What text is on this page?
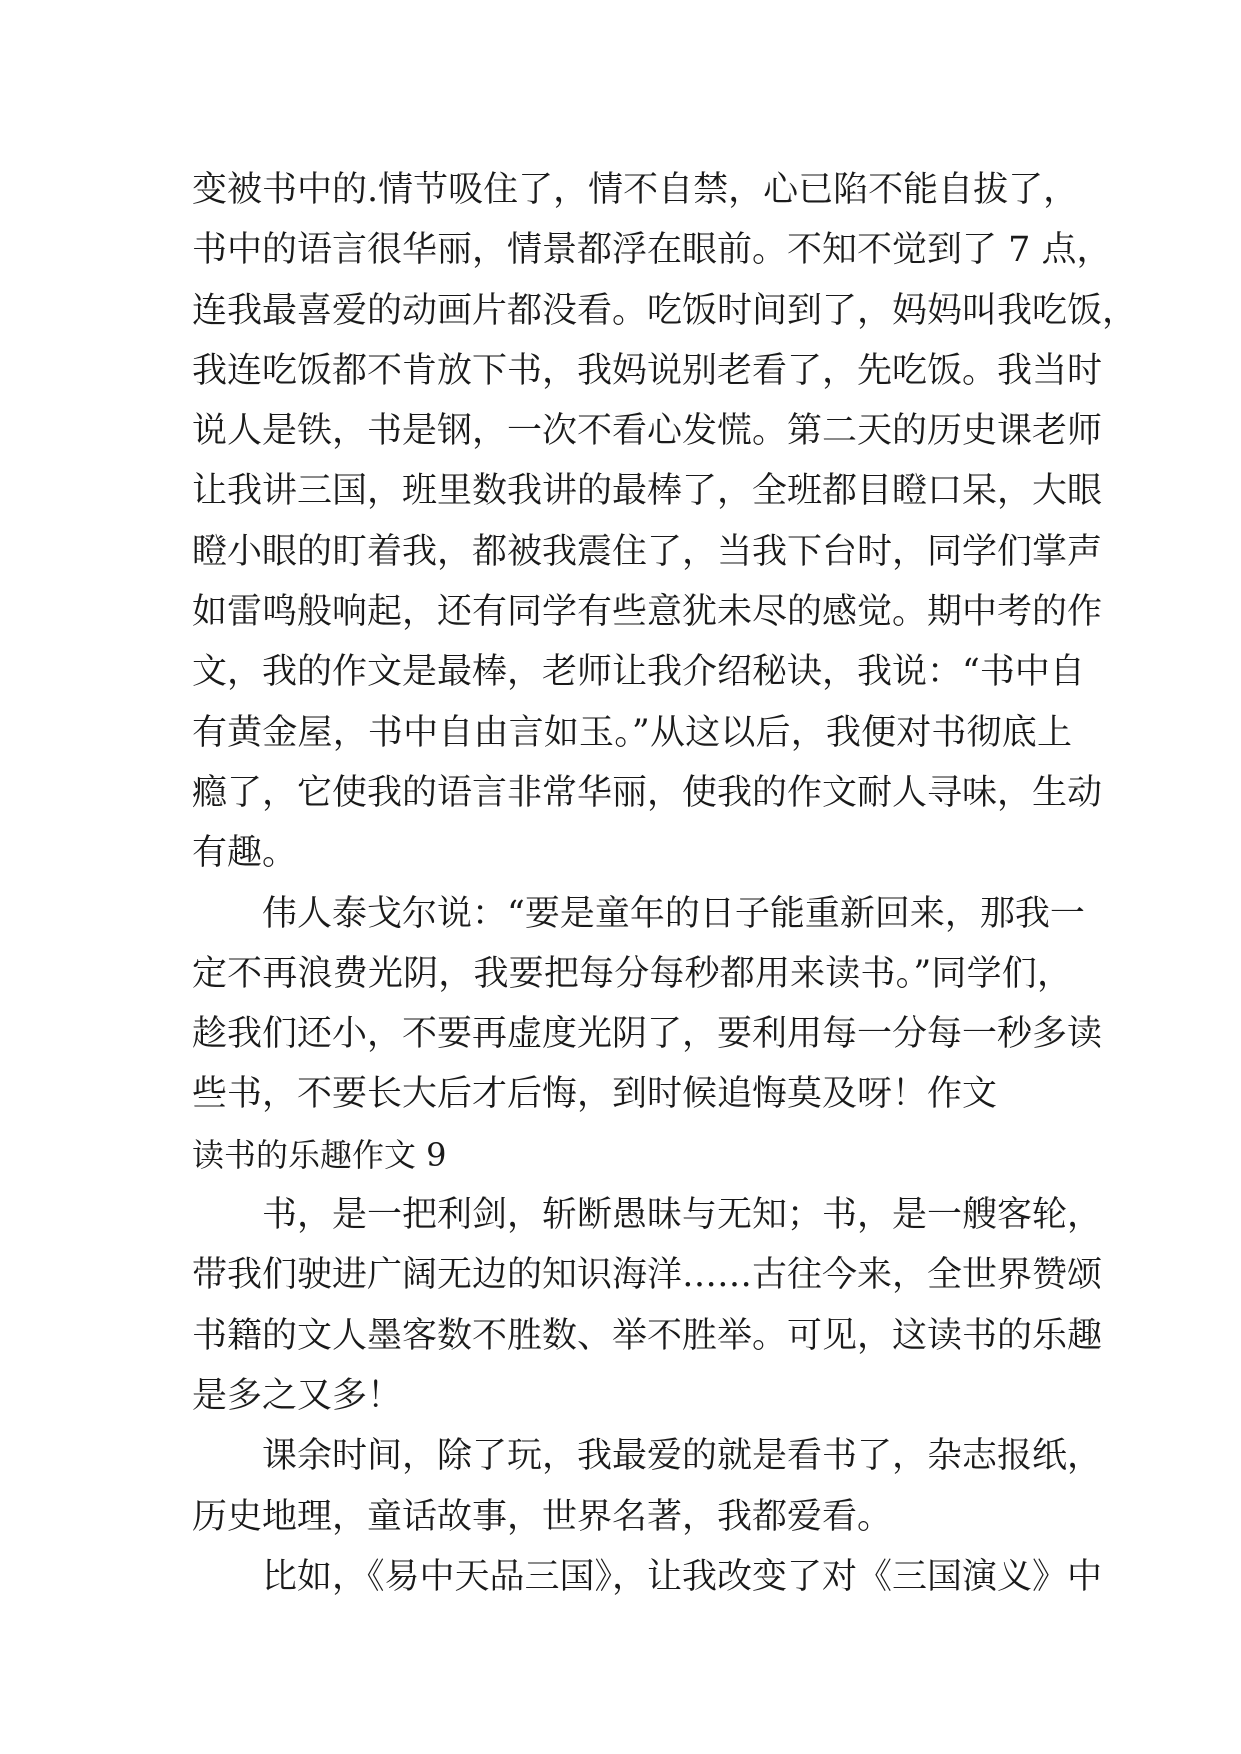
变被书中的.情节吸住了，情不自禁，心已陷不能自拔了，
书中的语言很华丽，情景都浮在眼前。不知不觉到了 7 点，
连我最喜爱的动画片都没看。吃饭时间到了，妈妈叫我吃饭，
我连吃饭都不肯放下书，我妈说别老看了，先吃饭。我当时
说人是铁，书是钢，一次不看心发慌。第二天的历史课老师
让我讲三国，班里数我讲的最棒了，全班都目瞪口呆，大眼
瞪小眼的盯着我，都被我震住了，当我下台时，同学们掌声
如雷鸣般响起，还有同学有些意犹未尽的感觉。期中考的作
文，我的作文是最棒，老师让我介绍秘诀，我说：“书中自
有黄金屋，书中自由言如玉。”从这以后，我便对书彻底上
瘾了，它使我的语言非常华丽，使我的作文耐人寻味，生动
有趣。
伟人泰戈尔说：“要是童年的日子能重新回来，那我一
定不再浪费光阴，我要把每分每秒都用来读书。”同学们，
趁我们还小，不要再虚度光阴了，要利用每一分每一秒多读
些书，不要长大后才后悔，到时候追悔莫及呀！作文
读书的乐趣作文 9
书，是一把利剑，斩断愚昧与无知；书，是一艘客轮，
带我们驶进广阔无边的知识海洋……古往今来，全世界赞颂
书籍的文人墨客数不胜数、举不胜举。可见，这读书的乐趣
是多之又多！
课余时间，除了玩，我最爱的就是看书了，杂志报纸，
历史地理，童话故事，世界名著，我都爱看。
比如，《易中天品三国》，让我改变了对《三国演义》中
